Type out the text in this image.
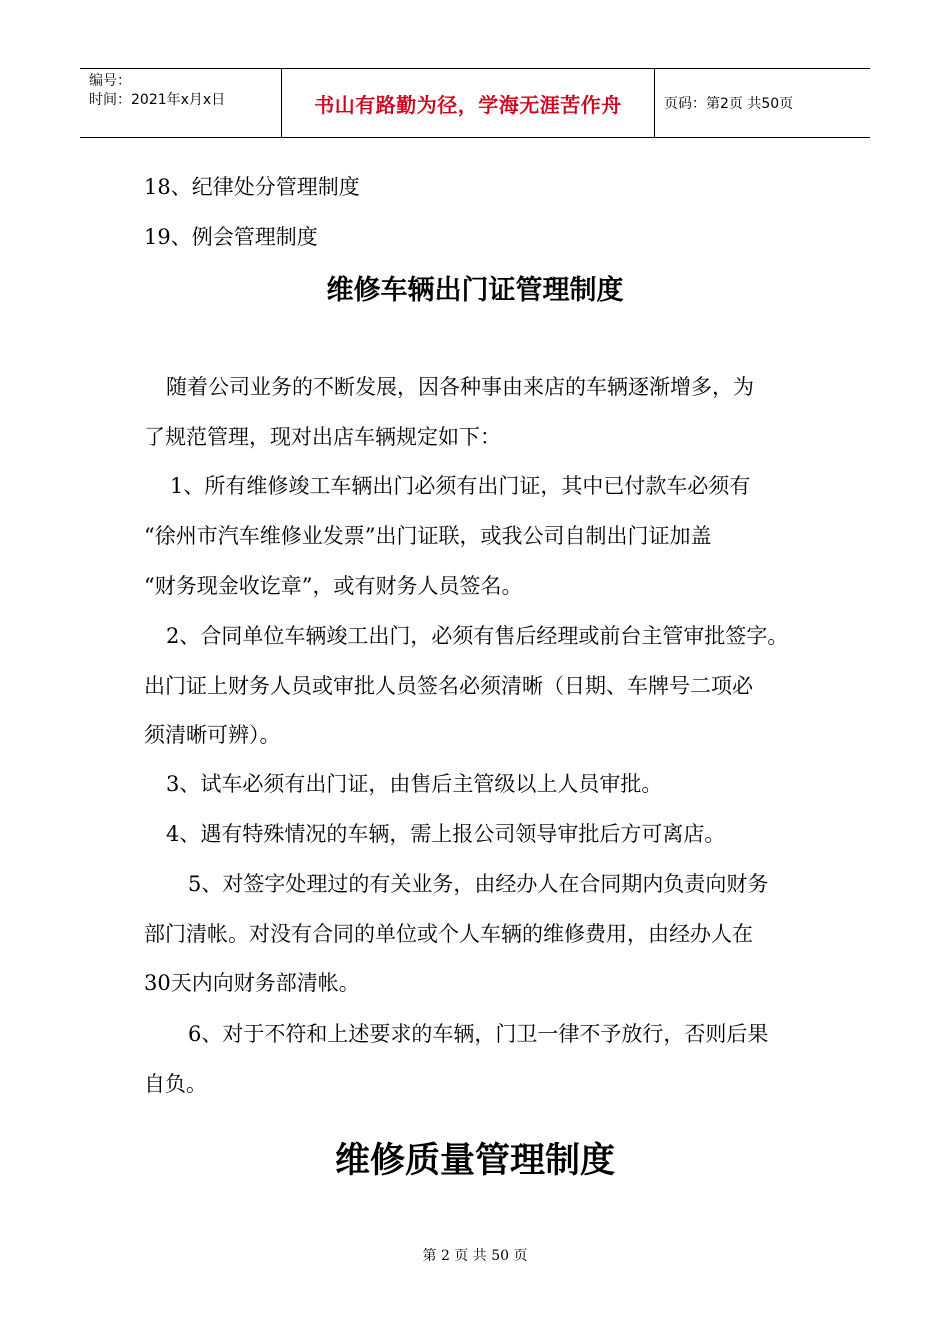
编号：
时间：2021年x月x日	书山有路勤为径，学海无涯苦作舟	页码：第2页 共50页
18、纪律处分管理制度
19、例会管理制度
维修车辆出门证管理制度
随着公司业务的不断发展，因各种事由来店的车辆逐渐增多，为
了规范管理，现对出店车辆规定如下：
1、所有维修竣工车辆出门必须有出门证，其中已付款车必须有
“徐州市汽车维修业发票”出门证联，或我公司自制出门证加盖
“财务现金收讫章”，或有财务人员签名。
2、合同单位车辆竣工出门，必须有售后经理或前台主管审批签字。
出门证上财务人员或审批人员签名必须清晰（日期、车牌号二项必
须清晰可辨）。
3、试车必须有出门证，由售后主管级以上人员审批。
4、遇有特殊情况的车辆，需上报公司领导审批后方可离店。
5、对签字处理过的有关业务，由经办人在合同期内负责向财务
部门清帐。对没有合同的单位或个人车辆的维修费用，由经办人在
30天内向财务部清帐。
6、对于不符和上述要求的车辆，门卫一律不予放行，否则后果
自负。
维修质量管理制度
第 2 页 共 50 页
